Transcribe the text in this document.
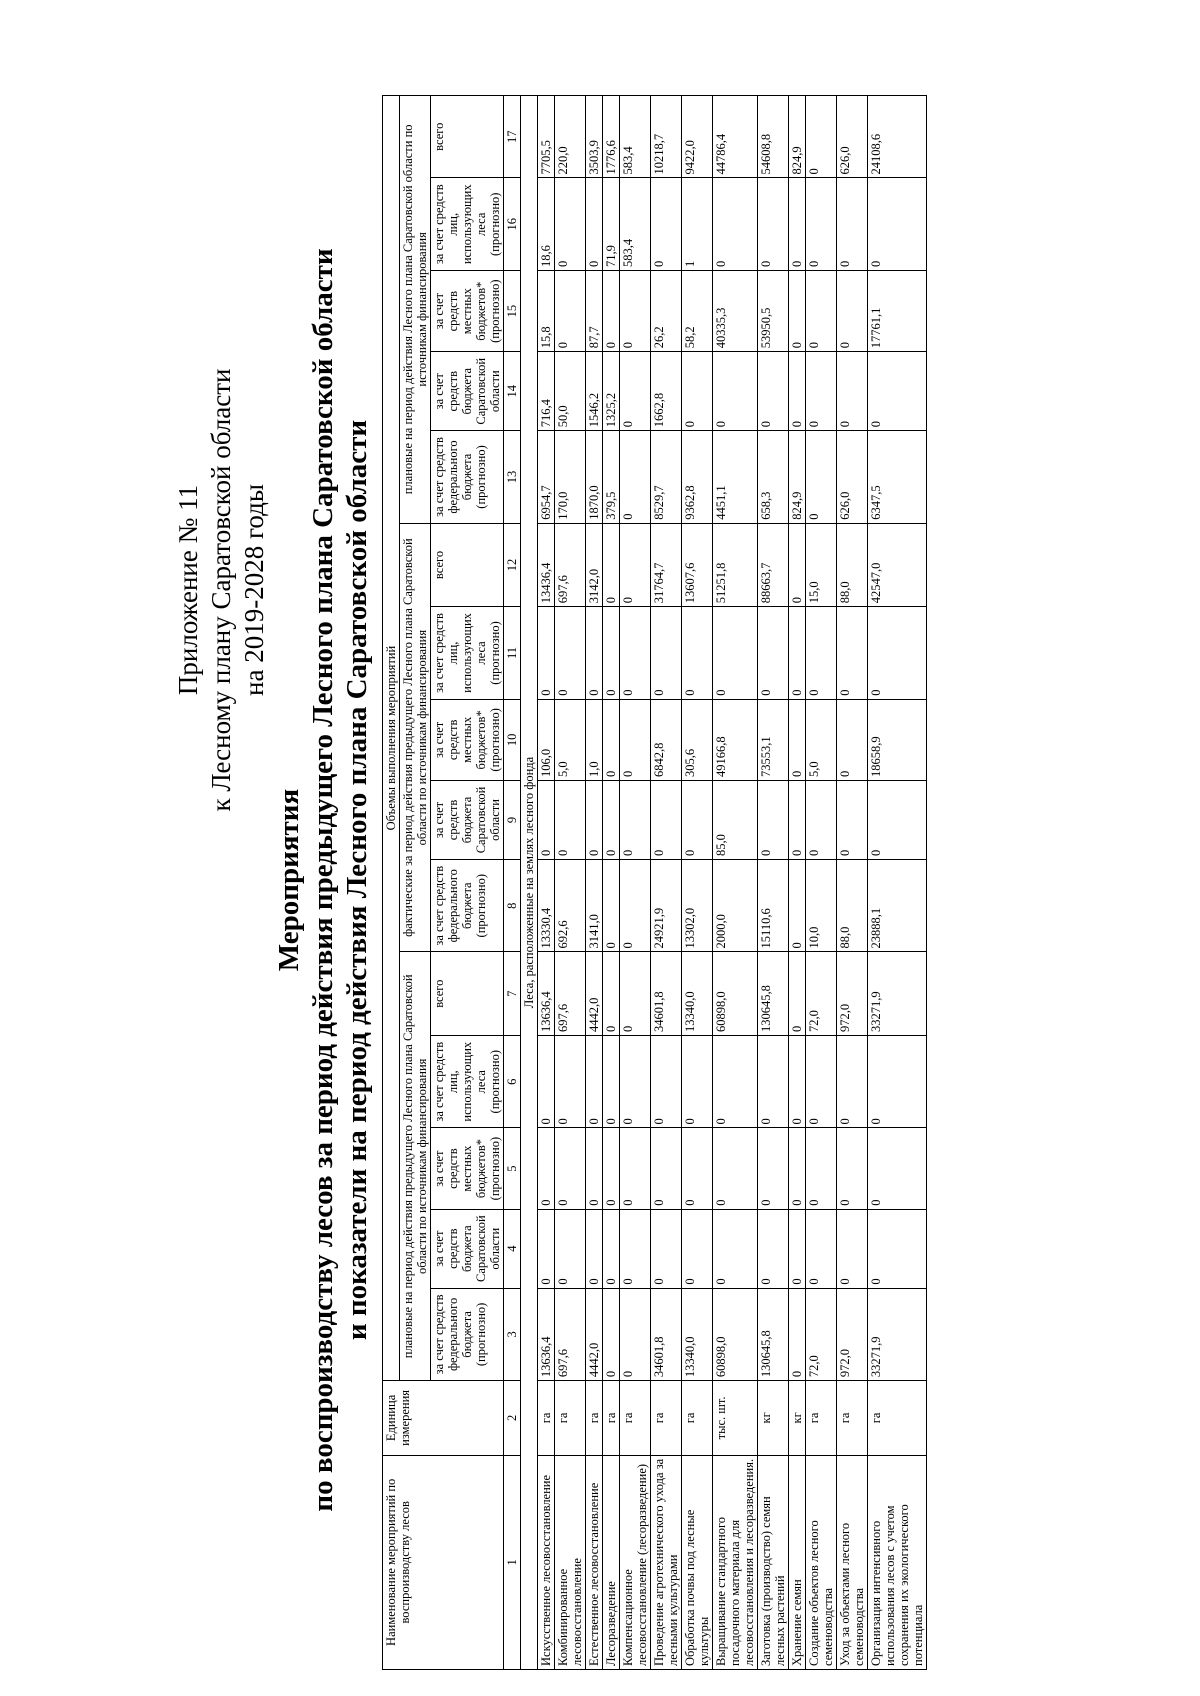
Приложение № 11 к Лесному плану Саратовской области на 2019-2028 годы
Мероприятия по воспроизводству лесов за период действия предыдущего Лесного плана Саратовской области и показатели на период действия Лесного плана Саратовской области
Наименование мероприятий по воспроизводству лесов	Единица измерения	Объемы выполнения мероприятий														
		плановые на период действия предыдущего Лесного плана Саратовской области по источникам финансирования					фактические за период действия предыдущего Лесного плана Саратовской области по источникам финансирования					плановые на период действия Лесного плана Саратовской области по источникам финансирования				
		за счет средств федерального бюджета (прогнозно)	за счет средств бюджета Саратовской области	за счет средств местных бюджетов* (прогнозно)	за счет средств лиц, использующих леса (прогнозно)	всего	за счет средств федерального бюджета (прогнозно)	за счет средств бюджета Саратовской области	за счет средств местных бюджетов* (прогнозно)	за счет средств лиц, использующих леса (прогнозно)	всего	за счет средств федерального бюджета (прогнозно)	за счет средств бюджета Саратовской области	за счет средств местных бюджетов* (прогнозно)	за счет средств лиц, использующих леса (прогнозно)	всего
1	2	3	4	5	6	7	8	9	10	11	12	13	14	15	16	17
Леса, расположенные на землях лесного фонда																
Искусственное лесовосстановление	га	13636,4	0	0	0	13636,4	13330,4	0	106,0	0	13436,4	6954,7	716,4	15,8	18,6	7705,5
Комбинированное лесовосстановление	га	697,6	0	0	0	697,6	692,6	0	5,0	0	697,6	170,0	50,0	0	0	220,0
Естественное лесовосстановление	га	4442,0	0	0	0	4442,0	3141,0	0	1,0	0	3142,0	1870,0	1546,2	87,7	0	3503,9
Лесоразведение	га	0	0	0	0	0	0	0	0	0	0	379,5	1325,2	0	71,9	1776,6
Компенсационное лесовосстановление (лесоразведение)	га	0	0	0	0	0	0	0	0	0	0	0	0	0	583,4	583,4
Проведение агротехнического ухода за лесными культурами	га	34601,8	0	0	0	34601,8	24921,9	0	6842,8	0	31764,7	8529,7	1662,8	26,2	0	10218,7
Обработка почвы под лесные культуры	га	13340,0	0	0	0	13340,0	13302,0	0	305,6	0	13607,6	9362,8	0	58,2	1	9422,0
Выращивание стандартного посадочного материала для лесовосстановления и лесоразведения.	тыс. шт.	60898,0	0	0	0	60898,0	2000,0	85,0	49166,8	0	51251,8	4451,1	0	40335,3	0	44786,4
Заготовка (производство) семян лесных растений	кг	130645,8	0	0	0	130645,8	15110,6	0	73553,1	0	88663,7	658,3	0	53950,5	0	54608,8
Хранение семян	кг	0	0	0	0	0	0	0	0	0	0	824,9	0	0	0	824,9
Создание объектов лесного семеноводства	га	72,0	0	0	0	72,0	10,0	0	5,0	0	15,0	0	0	0	0	0
Уход за объектами лесного семеноводства	га	972,0	0	0	0	972,0	88,0	0	0	0	88,0	626,0	0	0	0	626,0
Организация интенсивного использования лесов с учетом сохранения их экологического потенциала	га	33271,9	0	0	0	33271,9	23888,1	0	18658,9	0	42547,0	6347,5	0	17761,1	0	24108,6
